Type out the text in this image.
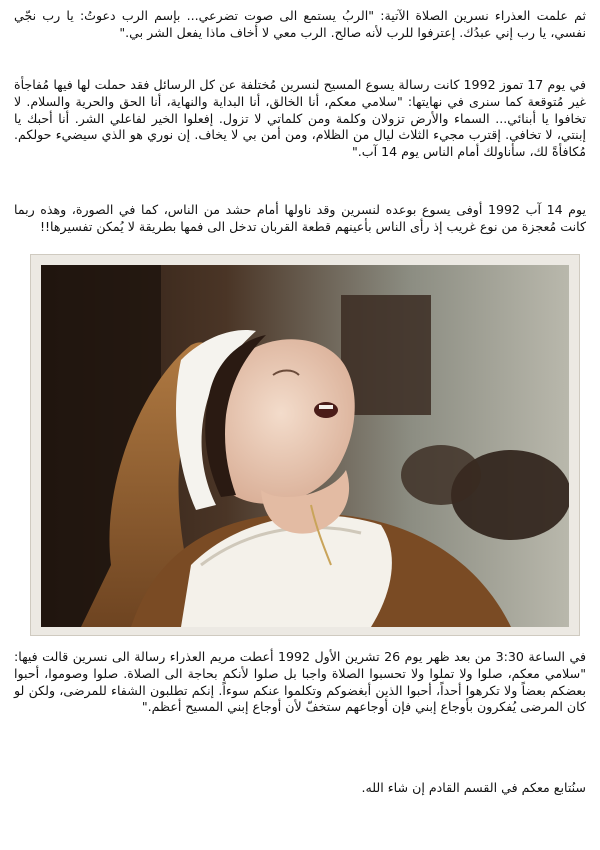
ثم علمت العذراء نسرين الصلاة الآتية: "الربُ يستمع الى صوت تضرعي... بإسم الرب دعوتُ: يا رب نجّي نفسي، يا رب إني عبدُك. إعترفوا للرب لأنه صالح. الرب معي لا أخاف ماذا يفعل الشر بي."

في يوم 17 تموز 1992 كانت رسالة يسوع المسيح لنسرين مُختلفة عن كل الرسائل فقد حملت لها فيها مُفاجأة غير مُتوقعة كما سنرى في نهايتها: "سلامي معكم، أنا الخالق، أنا البداية والنهاية، أنا الحق والحرية والسلام. لا تخافوا يا أبنائي... السماء والأرض تزولان وكلمة ومن كلماتي لا تزول. إفعلوا الخير لفاعلي الشر. أنا أحبك يا إبنتي، لا تخافي. إقترب مجيء الثلاث ليال من الظلام، ومن أمن بي لا يخاف. إن نوري هو الذي سيضيء حولكم. مُكافأةً لك، سأناولك أمام الناس يوم 14 آب."

يوم 14 آب 1992 أوفى يسوع بوعده لنسرين وقد ناولها أمام حشد من الناس، كما في الصورة، وهذه ربما كانت مُعجزة من نوع غريب إذ رأى الناس بأعينهم قطعة القربان تدخل الى فمها بطريقة لا يُمكن تفسيرها!!

في الساعة 3:30 من بعد ظهر يوم 26 تشرين الأول 1992 أعطت مريم العذراء رسالة الى نسرين قالت فيها: "سلامي معكم، صلوا ولا تملوا ولا تحسبوا الصلاة واجبا بل صلوا لأنكم بحاجة الى الصلاة. صلوا وصوموا، أحبوا بعضكم بعضاً ولا تكرهوا أحداً، أحبوا الذين أبغضوكم وتكلموا عنكم سوءاً. إنكم تطلبون الشفاء للمرضى، ولكن لو كان المرضى يُفكرون بأوجاع إبني فإن أوجاعهم ستخفّ لأن أوجاع إبني المسيح أعظم."

سنُتابع معكم في القسم القادم إن شاء الله.
